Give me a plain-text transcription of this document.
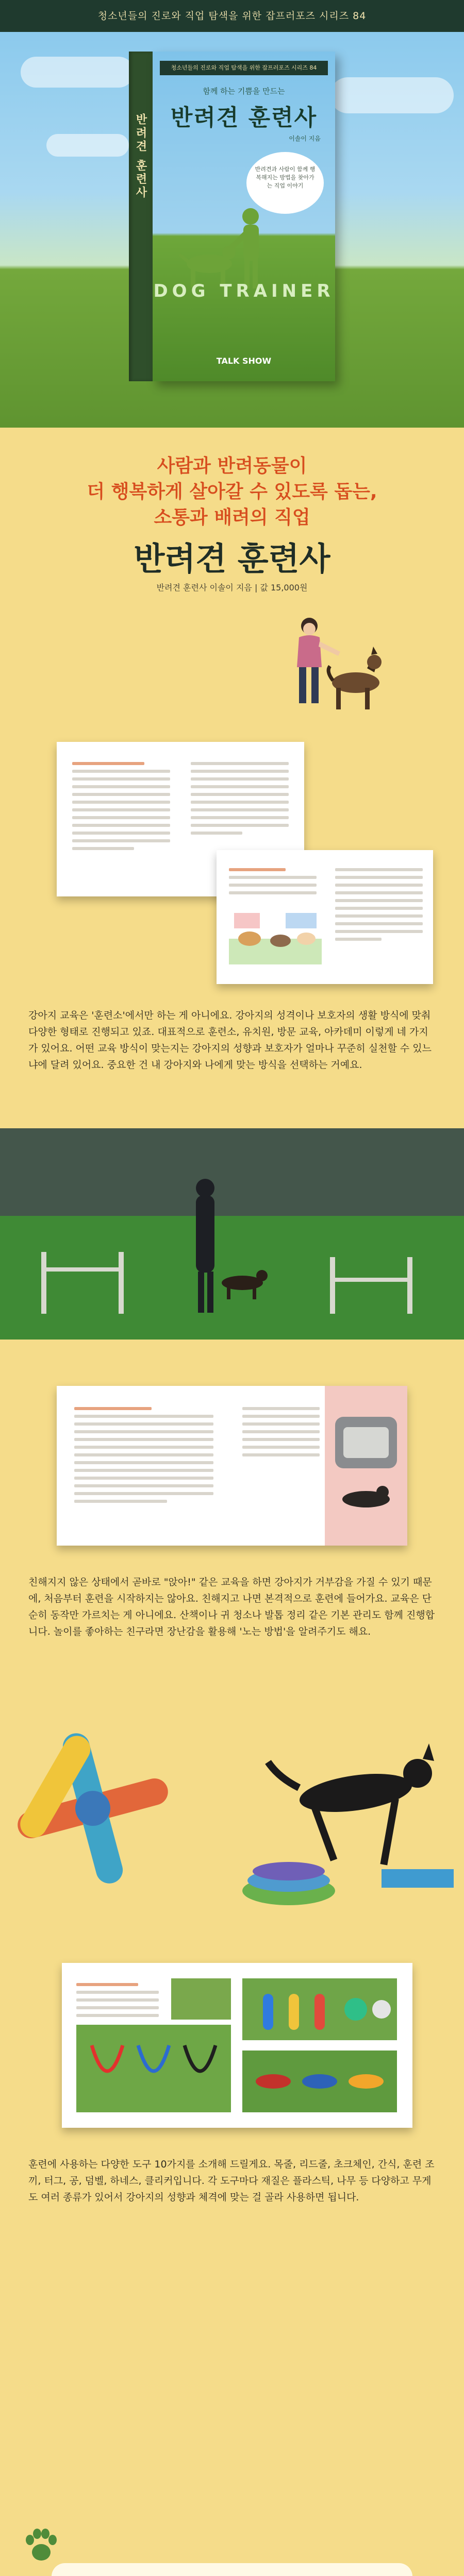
청소년들의 진로와 직업 탐색을 위한 잡프러포즈 시리즈 84
반려견 훈련사
청소년들의 진로와 직업 탐색을 위한 잡프러포즈 시리즈 84
함께 하는 기쁨을 만드는
반려견 훈련사
이솔이 지음
반려견과 사람이 함께 행복해지는 방법을 찾아가는 직업 이야기
DOG TRAINER
TALK SHOW
사람과 반려동물이
더 행복하게 살아갈 수 있도록 돕는,
소통과 배려의 직업
반려견 훈련사
반려견 훈련사 이솔이 지음 | 값 15,000원
강아지 교육은 '훈련소'에서만 하는 게 아니에요. 강아지의 성격이나 보호자의 생활 방식에 맞춰 다양한 형태로 진행되고 있죠. 대표적으로 훈련소, 유치원, 방문 교육, 아카데미 이렇게 네 가지가 있어요. 어떤 교육 방식이 맞는지는 강아지의 성향과 보호자가 얼마나 꾸준히 실천할 수 있느냐에 달려 있어요. 중요한 건 내 강아지와 나에게 맞는 방식을 선택하는 거예요.
친해지지 않은 상태에서 곧바로 "앉아!" 같은 교육을 하면 강아지가 거부감을 가질 수 있기 때문에, 처음부터 훈련을 시작하지는 않아요. 친해지고 나면 본격적으로 훈련에 들어가요. 교육은 단순히 동작만 가르치는 게 아니에요. 산책이나 귀 청소나 발톱 정리 같은 기본 관리도 함께 진행합니다. 놀이를 좋아하는 친구라면 장난감을 활용해 '노는 방법'을 알려주기도 해요.
훈련에 사용하는 다양한 도구 10가지를 소개해 드릴게요. 목줄, 리드줄, 초크체인, 간식, 훈련 조끼, 터그, 공, 덤벨, 하네스, 클리커입니다. 각 도구마다 재질은 플라스틱, 나무 등 다양하고 무게도 여러 종류가 있어서 강아지의 성향과 체격에 맞는 걸 골라 사용하면 됩니다.
